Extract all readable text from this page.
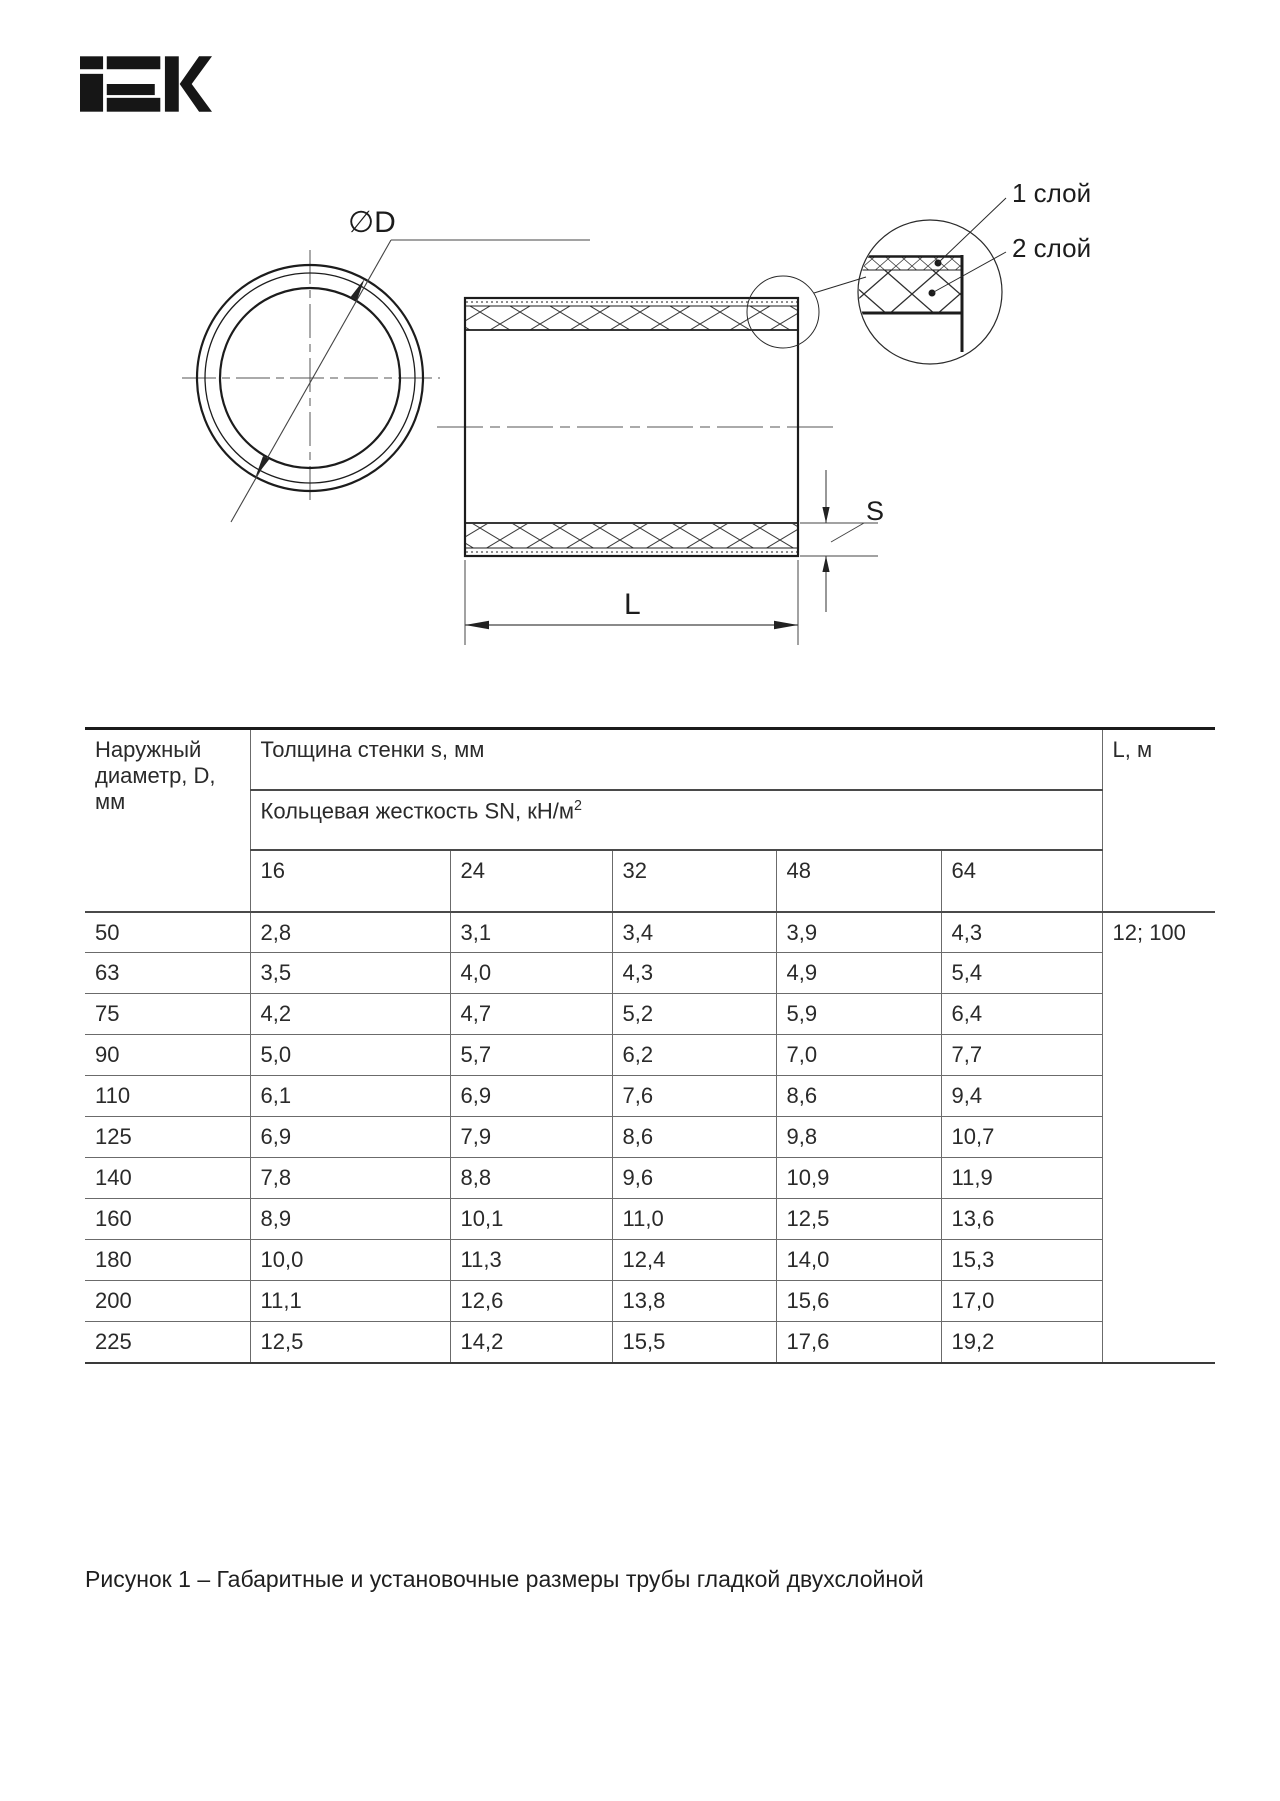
∅D
1 слой
2 слой
S
L
Наружный диаметр, D, мм	Толщина стенки s, мм					L, м
	Кольцевая жесткость SN, $кН/м^2$
	16	24	32	48	64	
50	2,8	3,1	3,4	3,9	4,3	12; 100
63	3,5	4,0	4,3	4,9	5,4	
75	4,2	4,7	5,2	5,9	6,4	
90	5,0	5,7	6,2	7,0	7,7	
110	6,1	6,9	7,6	8,6	9,4	
125	6,9	7,9	8,6	9,8	10,7	
140	7,8	8,8	9,6	10,9	11,9	
160	8,9	10,1	11,0	12,5	13,6	
180	10,0	11,3	12,4	14,0	15,3	
200	11,1	12,6	13,8	15,6	17,0	
225	12,5	14,2	15,5	17,6	19,2	
Рисунок 1 – Габаритные и установочные размеры трубы гладкой двухслойной
